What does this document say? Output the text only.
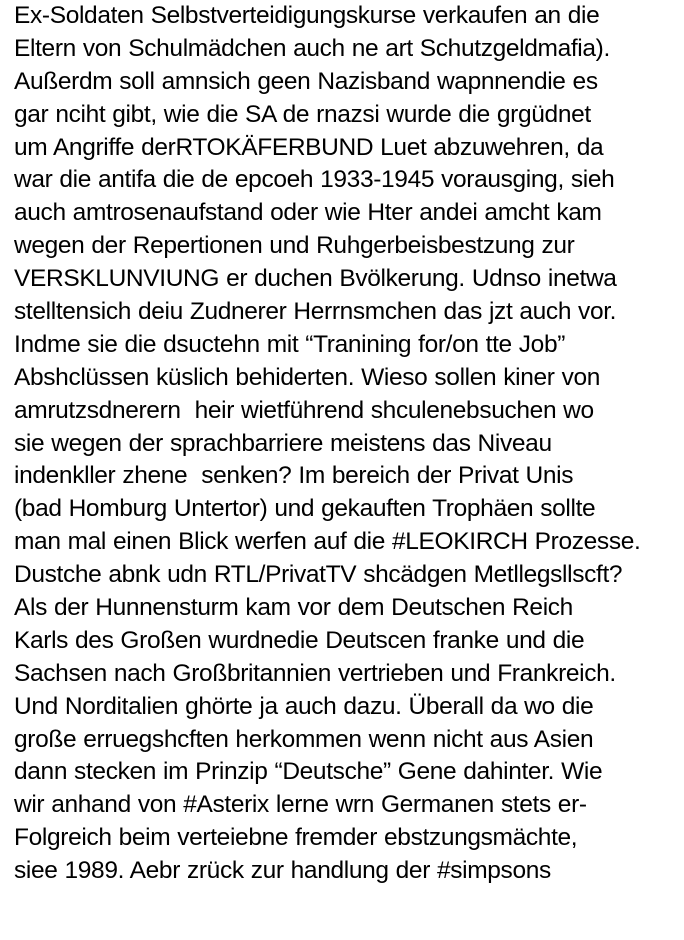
Ex-Soldaten Selbstverteidigungskurse verkaufen an die
Eltern von Schulmädchen auch ne art Schutzgeldmafia).
Außerdm soll amnsich geen Nazisband wapnnendie es
gar nciht gibt, wie die SA de rnazsi wurde die grgüdnet
um Angriffe derRTOKÄFERBUND Luet abzuwehren, da
war die antifa die de epcoeh 1933-1945 vorausging, sieh
auch amtrosenaufstand oder wie Hter andei amcht kam
wegen der Repertionen und Ruhgerbeisbestzung zur
VERSKLUNVIUNG er duchen Bvölkerung. Udnso inetwa
stelltensich deiu Zudnerer Herrnsmchen das jzt auch vor.
Indme sie die dsuctehn mit “Tranining for/on tte Job”
Abshclüssen küslich behiderten. Wieso sollen kiner von
amrutzsdnerern  heir wietführend shculenebsuchen wo
sie wegen der sprachbarriere meistens das Niveau
indenkller zhene  senken? Im bereich der Privat Unis
(bad Homburg Untertor) und gekauften Trophäen sollte
man mal einen Blick werfen auf die #LEOKIRCH Prozesse.
Dustche abnk udn RTL/PrivatTV shcädgen Metllegsllscft?
Als der Hunnensturm kam vor dem Deutschen Reich
Karls des Großen wurdnedie Deutscen franke und die
Sachsen nach Großbritannien vertrieben und Frankreich.
Und Norditalien ghörte ja auch dazu. Überall da wo die
große erruegshcften herkommen wenn nicht aus Asien
dann stecken im Prinzip “Deutsche” Gene dahinter. Wie
wir anhand von #Asterix lerne wrn Germanen stets er-
Folgreich beim verteiebne fremder ebstzungsmächte,
siee 1989. Aebr zrück zur handlung der #simpsons
